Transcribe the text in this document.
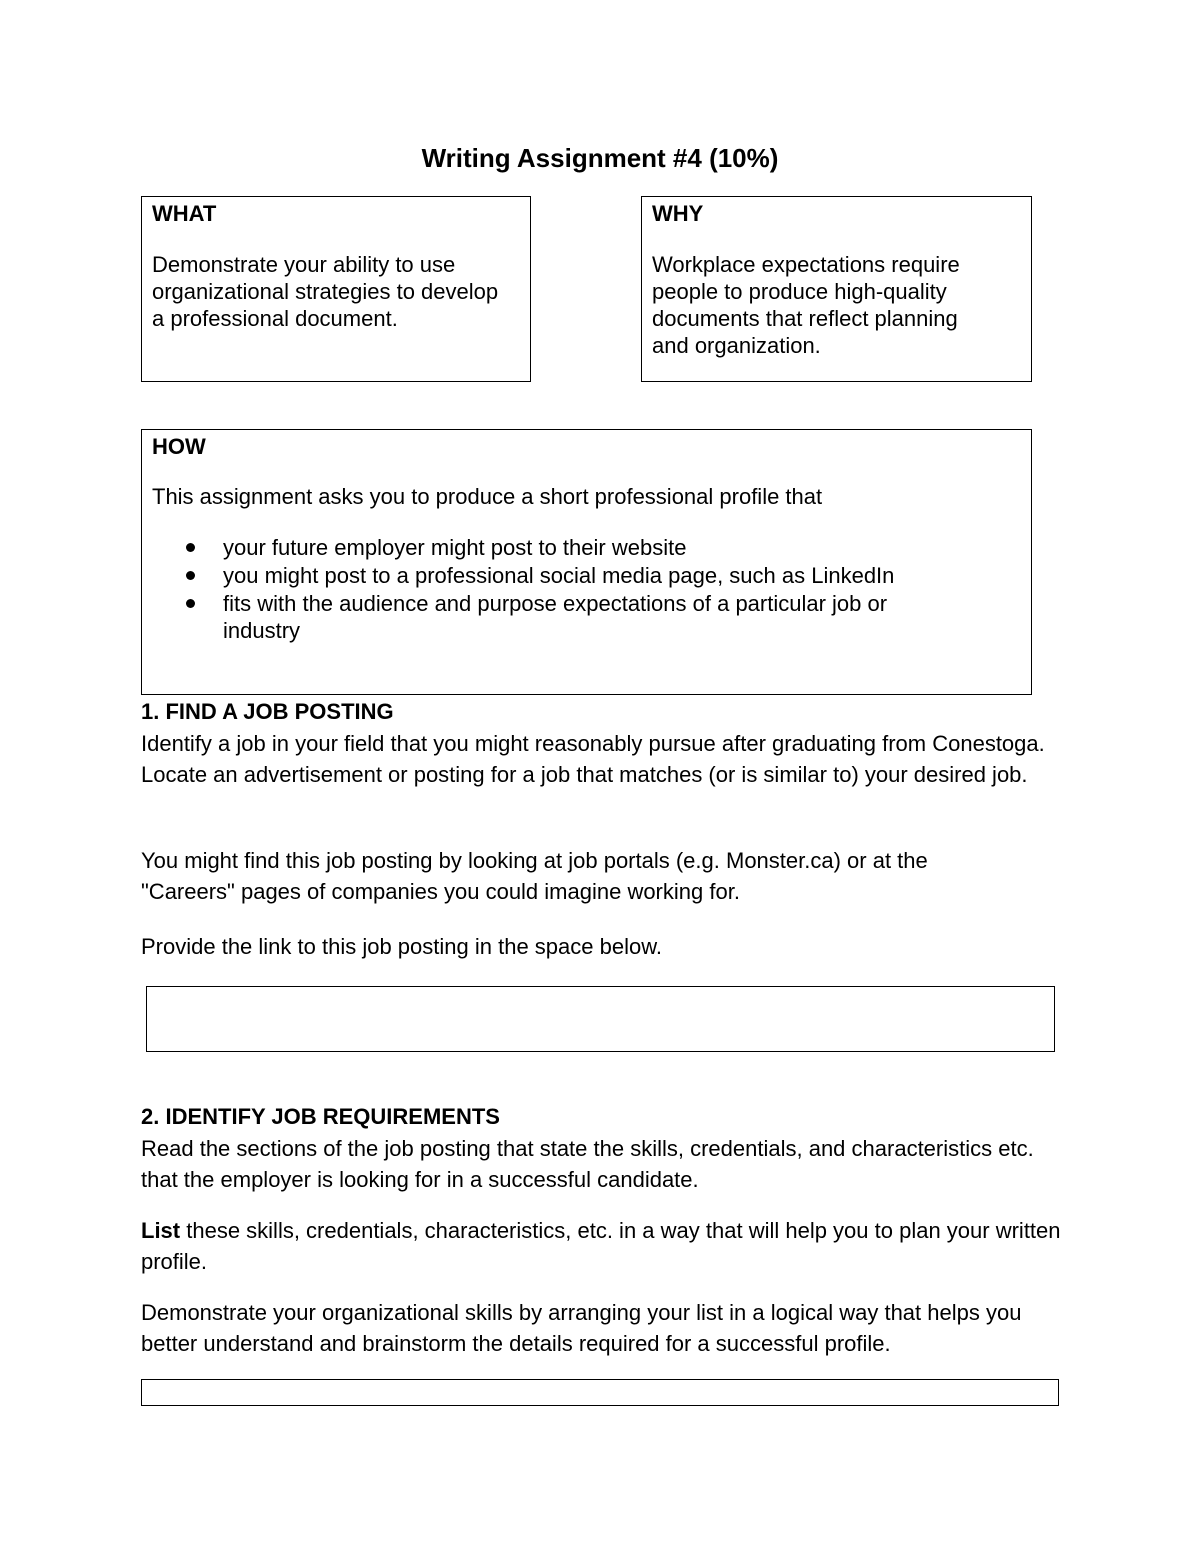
Writing Assignment #4 (10%)
WHAT
Demonstrate your ability to use organizational strategies to develop a professional document.
WHY
Workplace expectations require people to produce high-quality documents that reflect planning and organization.
HOW
This assignment asks you to produce a short professional profile that
your future employer might post to their website
you might post to a professional social media page, such as LinkedIn
fits with the audience and purpose expectations of a particular job or industry
1. FIND A JOB POSTING
Identify a job in your field that you might reasonably pursue after graduating from Conestoga. Locate an advertisement or posting for a job that matches (or is similar to) your desired job.
You might find this job posting by looking at job portals (e.g. Monster.ca) or at the "Careers" pages of companies you could imagine working for.
Provide the link to this job posting in the space below.
2. IDENTIFY JOB REQUIREMENTS
Read the sections of the job posting that state the skills, credentials, and characteristics etc. that the employer is looking for in a successful candidate.
List these skills, credentials, characteristics, etc. in a way that will help you to plan your written profile.
Demonstrate your organizational skills by arranging your list in a logical way that helps you better understand and brainstorm the details required for a successful profile.
